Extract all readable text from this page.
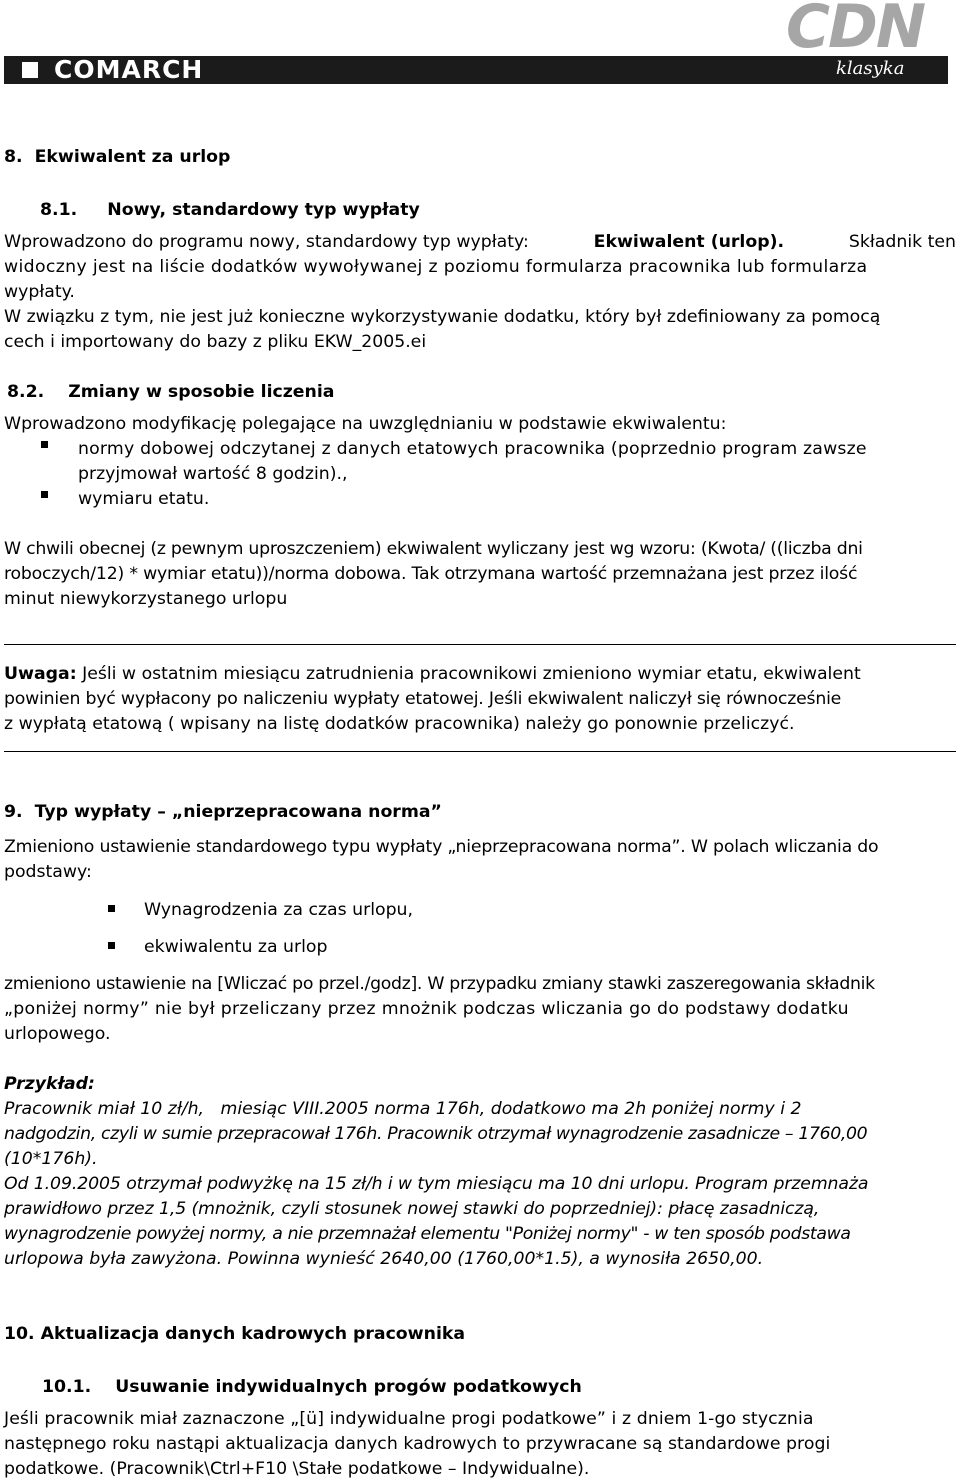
COMARCH
CDN
klasyka
8.  Ekwiwalent za urlop
8.1.     Nowy, standardowy typ wypłaty
Wprowadzono do programu nowy, standardowy typ wypłaty:	Ekwiwalent (urlop).	Składnik ten
widoczny jest na liście dodatków wywoływanej z poziomu formularza pracownika lub formularza
wypłaty.
W związku z tym, nie jest już konieczne wykorzystywanie dodatku, który był zdefiniowany za pomocą
cech i importowany do bazy z pliku EKW_2005.ei
8.2.    Zmiany w sposobie liczenia
Wprowadzono modyfikację polegające na uwzględnianiu w podstawie ekwiwalentu:
normy dobowej odczytanej z danych etatowych pracownika (poprzednio program zawsze
przyjmował wartość 8 godzin).,
wymiaru etatu.
W chwili obecnej (z pewnym uproszczeniem) ekwiwalent wyliczany jest wg wzoru: (Kwota/ ((liczba dni
roboczych/12) * wymiar etatu))/norma dobowa. Tak otrzymana wartość przemnażana jest przez ilość
minut niewykorzystanego urlopu
Uwaga: Jeśli w ostatnim miesiącu zatrudnienia pracownikowi zmieniono wymiar etatu, ekwiwalent
powinien być wypłacony po naliczeniu wypłaty etatowej. Jeśli ekwiwalent naliczył się równocześnie
z wypłatą etatową ( wpisany na listę dodatków pracownika) należy go ponownie przeliczyć.
9.  Typ wypłaty – „nieprzepracowana norma”
Zmieniono ustawienie standardowego typu wypłaty „nieprzepracowana norma”. W polach wliczania do
podstawy:
Wynagrodzenia za czas urlopu,
ekwiwalentu za urlop
zmieniono ustawienie na [Wliczać po przel./godz]. W przypadku zmiany stawki zaszeregowania składnik
„poniżej normy” nie był przeliczany przez mnożnik podczas wliczania go do podstawy dodatku
urlopowego.
Przykład:
Pracownik miał 10 zł/h,   miesiąc VIII.2005 norma 176h, dodatkowo ma 2h poniżej normy i 2
nadgodzin, czyli w sumie przepracował 176h. Pracownik otrzymał wynagrodzenie zasadnicze – 1760,00
(10*176h).
Od 1.09.2005 otrzymał podwyżkę na 15 zł/h i w tym miesiącu ma 10 dni urlopu. Program przemnaża
prawidłowo przez 1,5 (mnożnik, czyli stosunek nowej stawki do poprzedniej): płacę zasadniczą,
wynagrodzenie powyżej normy, a nie przemnażał elementu "Poniżej normy" - w ten sposób podstawa
urlopowa była zawyżona. Powinna wynieść 2640,00 (1760,00*1.5), a wynosiła 2650,00.
10. Aktualizacja danych kadrowych pracownika
10.1.    Usuwanie indywidualnych progów podatkowych
Jeśli pracownik miał zaznaczone „[ü] indywidualne progi podatkowe” i z dniem 1-go stycznia
następnego roku nastąpi aktualizacja danych kadrowych to przywracane są standardowe progi
podatkowe. (Pracownik\Ctrl+F10 \Stałe podatkowe – Indywidualne).
